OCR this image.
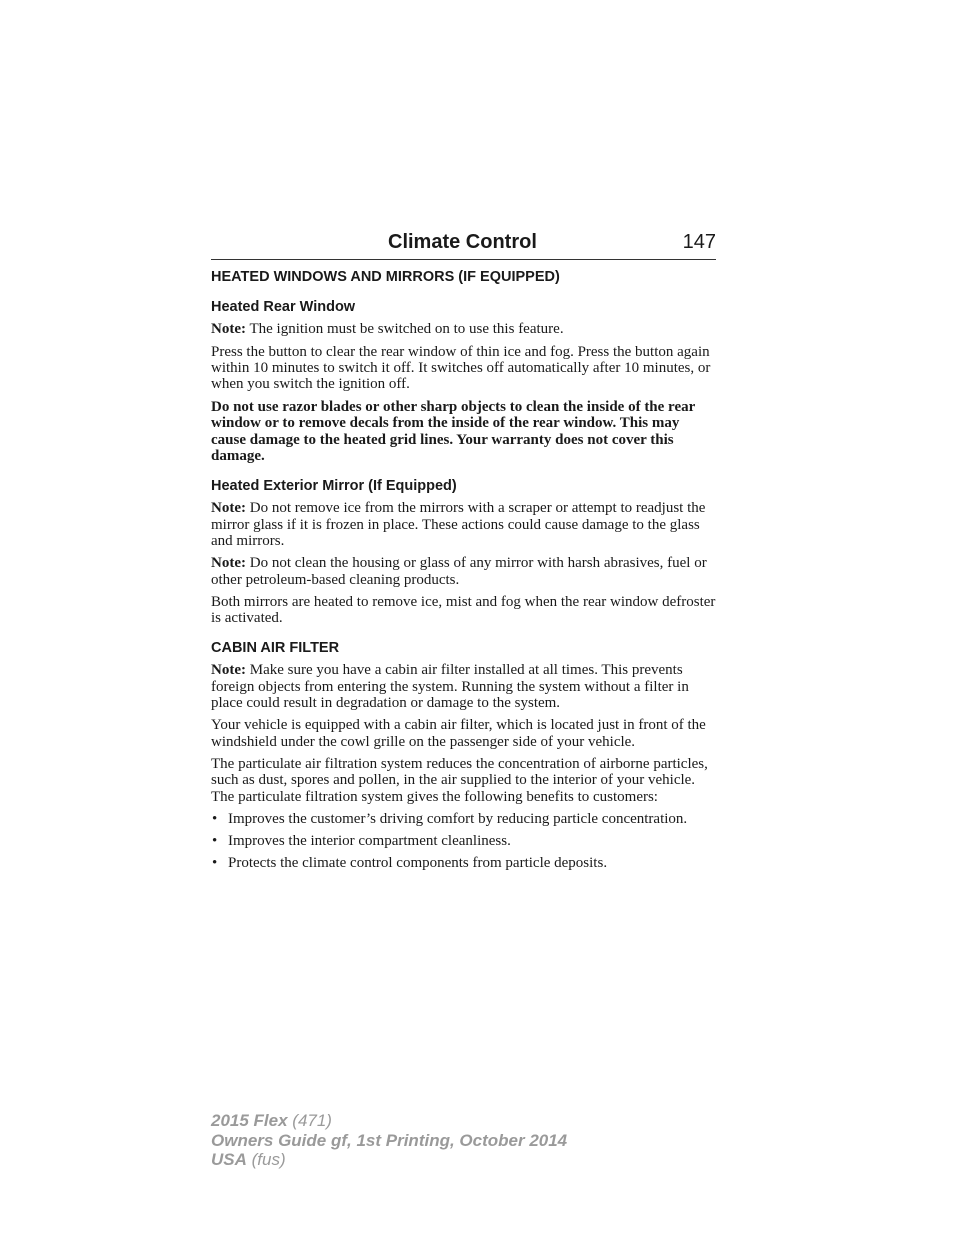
Climate Control	147
HEATED WINDOWS AND MIRRORS (IF EQUIPPED)
Heated Rear Window

Note: The ignition must be switched on to use this feature.

Press the button to clear the rear window of thin ice and fog. Press the button again within 10 minutes to switch it off. It switches off automatically after 10 minutes, or when you switch the ignition off.

Do not use razor blades or other sharp objects to clean the inside of the rear window or to remove decals from the inside of the rear window. This may cause damage to the heated grid lines. Your warranty does not cover this damage.

Heated Exterior Mirror (If Equipped)

Note: Do not remove ice from the mirrors with a scraper or attempt to readjust the mirror glass if it is frozen in place. These actions could cause damage to the glass and mirrors.

Note: Do not clean the housing or glass of any mirror with harsh abrasives, fuel or other petroleum-based cleaning products.

Both mirrors are heated to remove ice, mist and fog when the rear window defroster is activated.

CABIN AIR FILTER

Note: Make sure you have a cabin air filter installed at all times. This prevents foreign objects from entering the system. Running the system without a filter in place could result in degradation or damage to the system.

Your vehicle is equipped with a cabin air filter, which is located just in front of the windshield under the cowl grille on the passenger side of your vehicle.

The particulate air filtration system reduces the concentration of airborne particles, such as dust, spores and pollen, in the air supplied to the interior of your vehicle. The particulate filtration system gives the following benefits to customers:

• Improves the customer’s driving comfort by reducing particle concentration.
• Improves the interior compartment cleanliness.
• Protects the climate control components from particle deposits.
2015 Flex (471)
Owners Guide gf, 1st Printing, October 2014
USA (fus)
